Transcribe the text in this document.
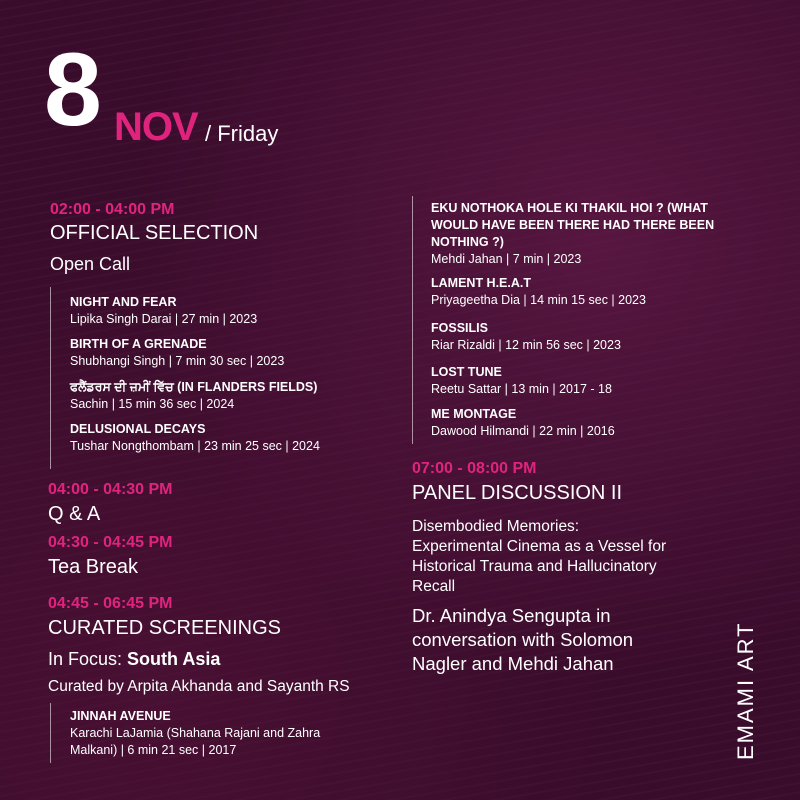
8 NOV / Friday
02:00 - 04:00 PM
OFFICIAL SELECTION
Open Call
NIGHT AND FEAR
Lipika Singh Darai | 27 min | 2023
BIRTH OF A GRENADE
Shubhangi Singh | 7 min 30 sec | 2023
ਫਲੈਂਡਰਸ ਦੀ ਜ਼ਮੀਂ ਵਿੱਚ (IN FLANDERS FIELDS)
Sachin | 15 min 36 sec | 2024
DELUSIONAL DECAYS
Tushar Nongthombam | 23 min 25 sec | 2024
04:00 - 04:30 PM
Q & A
04:30 - 04:45 PM
Tea Break
04:45 - 06:45 PM
CURATED SCREENINGS
In Focus: South Asia
Curated by Arpita Akhanda and Sayanth RS
JINNAH AVENUE
Karachi LaJamia (Shahana Rajani and Zahra
Malkani) | 6 min 21 sec | 2017
EKU NOTHOKA HOLE KI THAKIL HOI ? (WHAT
WOULD HAVE BEEN THERE HAD THERE BEEN
NOTHING ?)
Mehdi Jahan | 7 min | 2023
LAMENT H.E.A.T
Priyageetha Dia | 14 min 15 sec | 2023
FOSSILIS
Riar Rizaldi | 12 min 56 sec | 2023
LOST TUNE
Reetu Sattar | 13 min | 2017 - 18
ME MONTAGE
Dawood Hilmandi | 22 min | 2016
07:00 - 08:00 PM
PANEL DISCUSSION II
Disembodied Memories:
Experimental Cinema as a Vessel for
Historical Trauma and Hallucinatory
Recall
Dr. Anindya Sengupta in
conversation with Solomon
Nagler and Mehdi Jahan	EMAMI ART
